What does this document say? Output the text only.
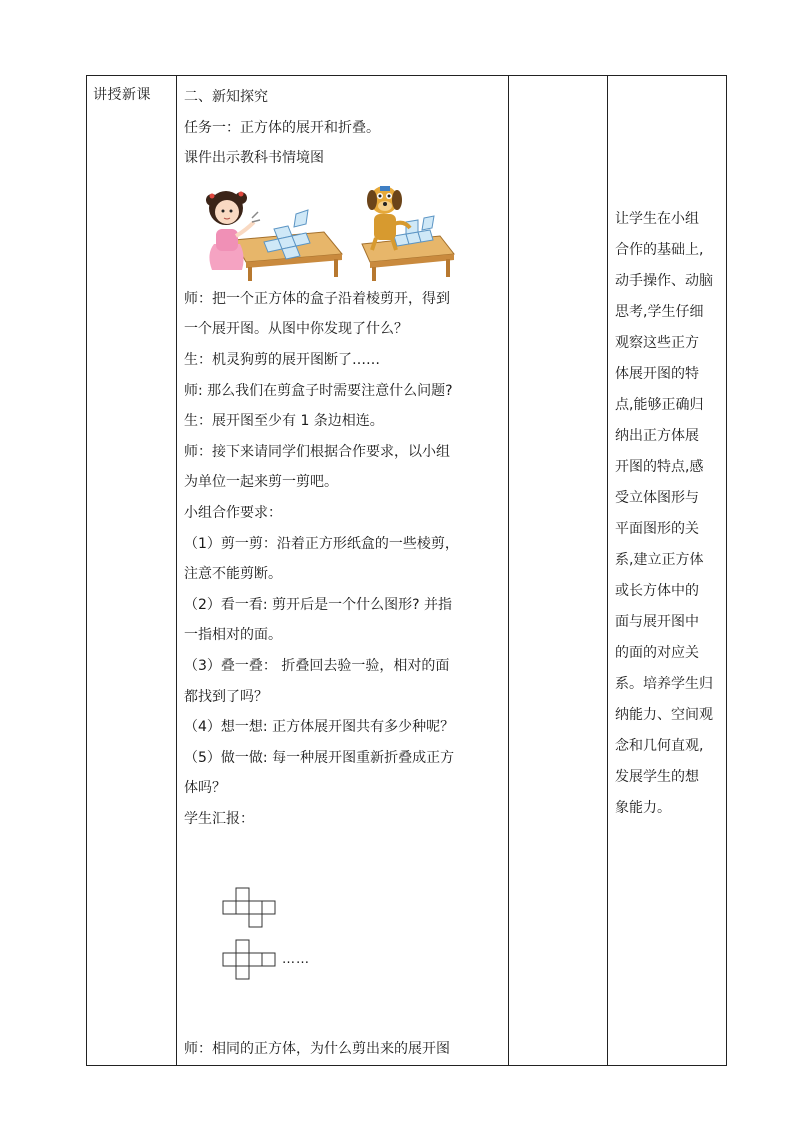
讲授新课	二、新知探究
任务一：正方体的展开和折叠。
课件出示教科书情境图
师：把一个正方体的盒子沿着棱剪开，得到
一个展开图。从图中你发现了什么？
生：机灵狗剪的展开图断了……
师: 那么我们在剪盒子时需要注意什么问题?
生：展开图至少有 1 条边相连。
师：接下来请同学们根据合作要求，以小组
为单位一起来剪一剪吧。
小组合作要求：
（1）剪一剪：沿着正方形纸盒的一些棱剪，
注意不能剪断。
（2）看一看: 剪开后是一个什么图形? 并指
一指相对的面。
（3）叠一叠： 折叠回去验一验，相对的面
都找到了吗？
（4）想一想: 正方体展开图共有多少种呢？
（5）做一做: 每一种展开图重新折叠成正方
体吗？
学生汇报：
……
师：相同的正方体，为什么剪出来的展开图

让学生在小组
合作的基础上,
动手操作、动脑
思考,学生仔细
观察这些正方
体展开图的特
点,能够正确归
纳出正方体展
开图的特点,感
受立体图形与
平面图形的关
系,建立正方体
或长方体中的
面与展开图中
的面的对应关
系。培养学生归
纳能力、空间观
念和几何直观,
发展学生的想
象能力。
